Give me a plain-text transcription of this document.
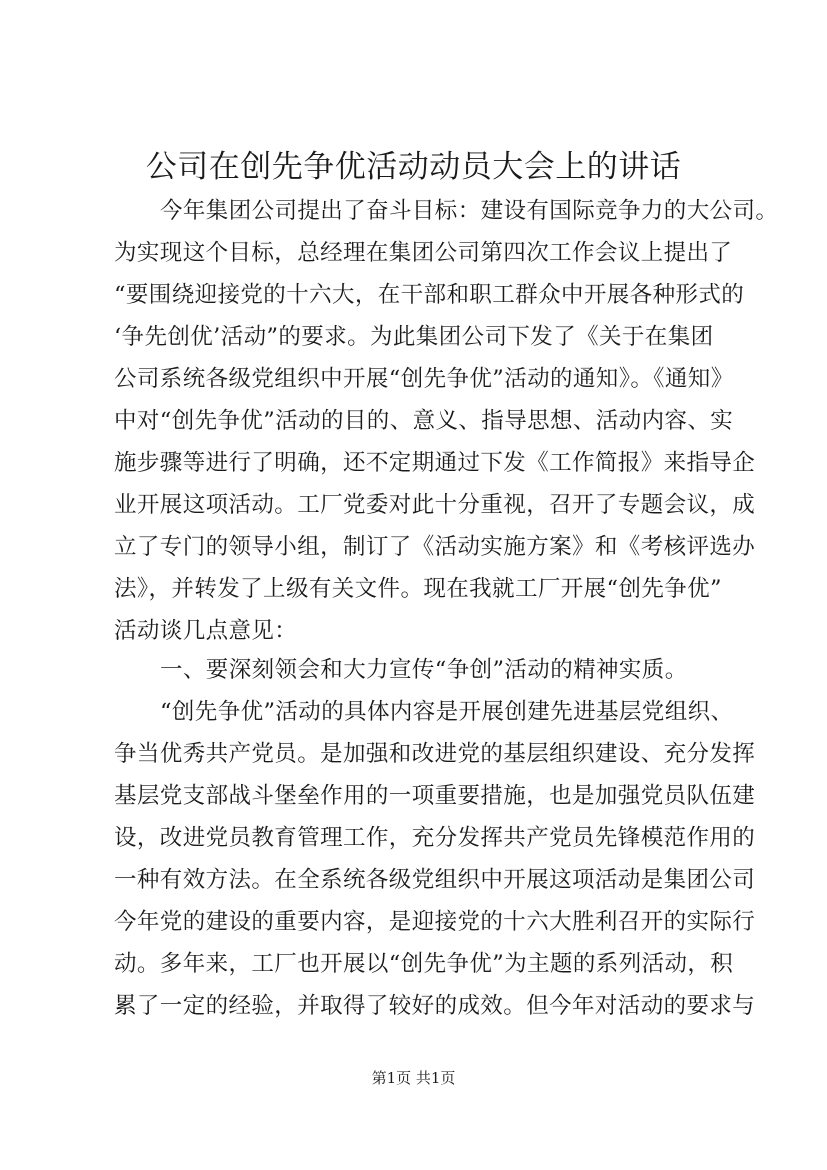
公司在创先争优活动动员大会上的讲话
今年集团公司提出了奋斗目标：建设有国际竞争力的大公司。
为实现这个目标，总经理在集团公司第四次工作会议上提出了
“要围绕迎接党的十六大，在干部和职工群众中开展各种形式的
‘争先创优’活动”的要求。为此集团公司下发了《关于在集团
公司系统各级党组织中开展“创先争优”活动的通知》。《通知》
中对“创先争优”活动的目的、意义、指导思想、活动内容、实
施步骤等进行了明确，还不定期通过下发《工作简报》来指导企
业开展这项活动。工厂党委对此十分重视，召开了专题会议，成
立了专门的领导小组，制订了《活动实施方案》和《考核评选办
法》，并转发了上级有关文件。现在我就工厂开展“创先争优”
活动谈几点意见：
一、要深刻领会和大力宣传“争创”活动的精神实质。
“创先争优”活动的具体内容是开展创建先进基层党组织、
争当优秀共产党员。是加强和改进党的基层组织建设、充分发挥
基层党支部战斗堡垒作用的一项重要措施，也是加强党员队伍建
设，改进党员教育管理工作，充分发挥共产党员先锋模范作用的
一种有效方法。在全系统各级党组织中开展这项活动是集团公司
今年党的建设的重要内容，是迎接党的十六大胜利召开的实际行
动。多年来，工厂也开展以“创先争优”为主题的系列活动，积
累了一定的经验，并取得了较好的成效。但今年对活动的要求与
第1页 共1页
